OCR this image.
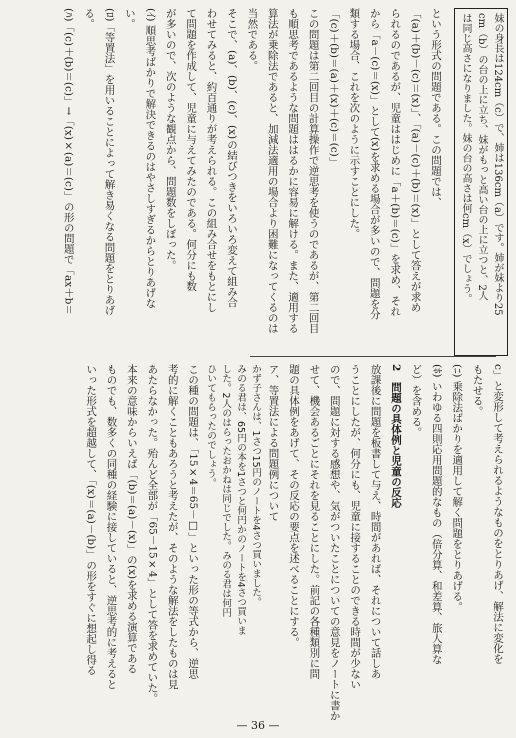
妹の身長は124cm（c）で、姉は136cm（a）です。姉が妹より25
cm（b）の台の上に立ち、妹がもっと高い台の上に立つと、2人
は同じ高さになりました。妹の台の高さは何cm（x）でしょう。
という形式の問題である。この問題では、
「(a)＋(b)－(c)＝(x)」、「(a)－(c)＋(b)＝(x)」として答えが求め
られるのであるが、児童ははじめに「a＋(b)＝(c)」を求め、それ
から「a－(c)＝(x)」として(x)を求める場合が多いので、問題を分
類する場合、これを次のように示すことにした。
「(c)＋(b)＝(a)＋(x)＋(c)＝(c)」
この問題は第二回目の計算操作で逆思考を使うのであるが、第二回目
も順思考であるような問題ははるかに容易に解ける。また、適用する
算法が乗除法であると、加減法適用の場合より困難になってくるのは
当然である。
そこで、(a)、(b)、(c)、(x)の結びつきをいろいろ変えて組み合
わせてみると、約百通りが考えられる。この組み合せをもとにし
て問題を作成して、児童に与えてみたのである。何分にも数
が多いので、次のような観点から、問題数をしぼった。
(ｲ) 順思考ばかりで解決できるのはやさしすぎるからとりあげな
い。
(ﾛ)「等置法」を用いることによって解き易くなる問題をとりあげ
る。
(ﾊ)「(c)＋(b)＝(c)」→「(x)×(a)＝(c)」の形の問題で「ax＋b＝
c」と変形して考えられるようなものをとりあげ、解法に変化を
もたせる。
(ﾆ) 乗除法ばかりを適用して解く問題をとりあげる。
(ﾎ) いわゆる四則応用問題的なもの（倍分算、和差算、旅人算な
ど）を含める。
2　問題の具体例と児童の反応
放課後に問題を板書して与え、時間があれば、それについて話しあ
うことにしたが、何分にも、児童に接することのできる時間が少ない
ので、問題に対する感想や、気がついたことについての意見をノートに書か
せて、機会あるごとにそれを見ることにした。前記の各種類別に問
題の具体例をあげて、その反応の要点を述べることにする。
ア、等置法による問題例について
かず子さんは、1さつ15円のノートを4さつ買いました。
みのる君は、65円の本を1さつと何円かのノートを4さつ買いま
した。2人のはらったおかねは同じでした。みのる君は何円
ひいてもらったのでしょう。
この種の問題は、「15×4＝65－□」といった形の等式から、逆思
考的に解くこともあろうと考えたが、そのような解法をしたものは見
あたらなかった。殆んど全部が「65－15×4」として答を求めていた。
本来の意味からいえば「(b)＝(a)－(x)」の(x)を求める演算である
ものでも、数多くの同種の経験に接していると、逆思考的に考えると
いった形式を超越して、「(x)＝(a)－(b)」の形をすぐに想起し得る
— 36 —
